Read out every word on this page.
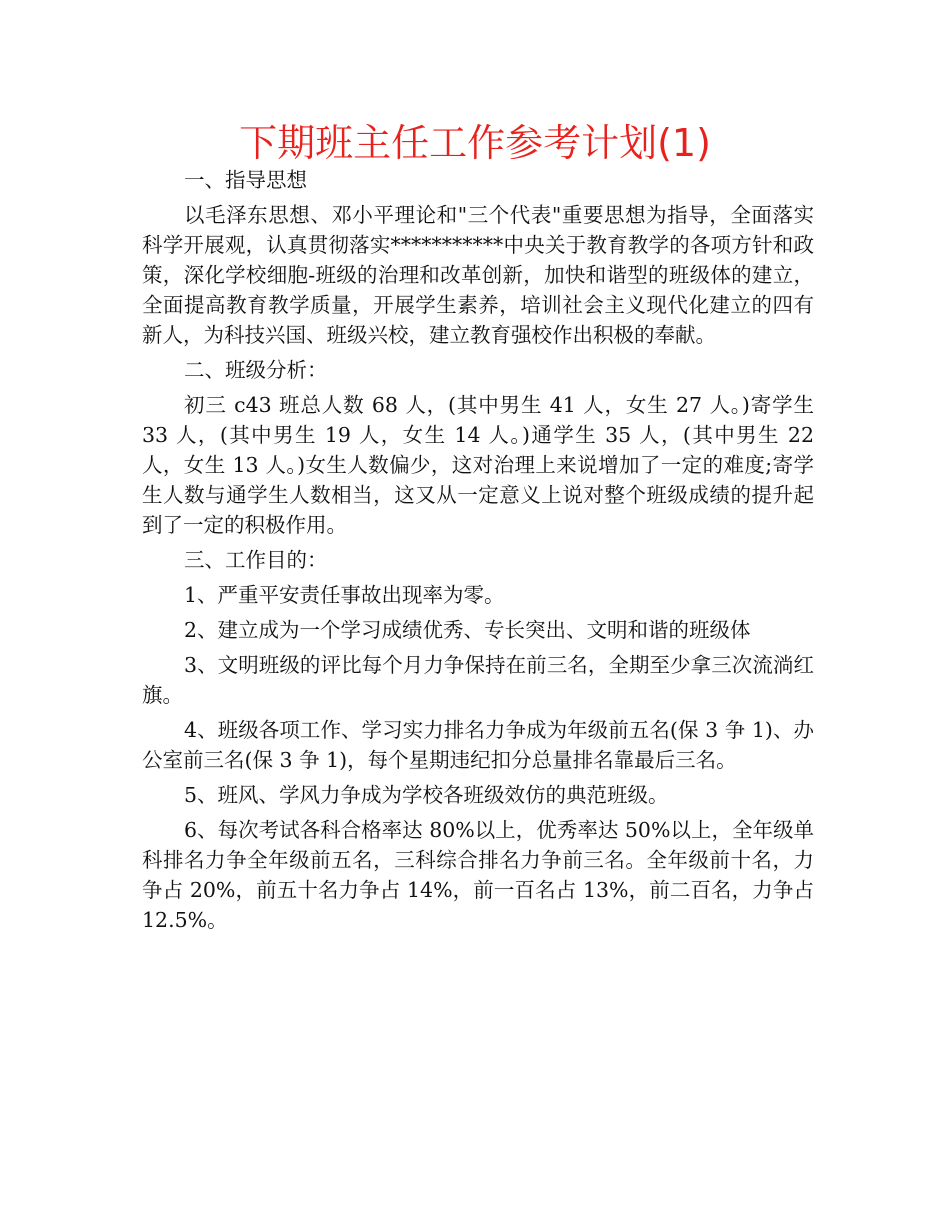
下期班主任工作参考计划(1)

一、指导思想

以毛泽东思想、邓小平理论和"三个代表"重要思想为指导，全面落实科学开展观，认真贯彻落实***********中央关于教育教学的各项方针和政策，深化学校细胞-班级的治理和改革创新，加快和谐型的班级体的建立，全面提高教育教学质量，开展学生素养，培训社会主义现代化建立的四有新人，为科技兴国、班级兴校，建立教育强校作出积极的奉献。

二、班级分析：

初三 c43 班总人数 68 人，(其中男生 41 人，女生 27 人。)寄学生 33 人，(其中男生 19 人，女生 14 人。)通学生 35 人，(其中男生 22 人，女生 13 人。)女生人数偏少，这对治理上来说增加了一定的难度;寄学生人数与通学生人数相当，这又从一定意义上说对整个班级成绩的提升起到了一定的积极作用。

三、工作目的：

1、严重平安责任事故出现率为零。

2、建立成为一个学习成绩优秀、专长突出、文明和谐的班级体

3、文明班级的评比每个月力争保持在前三名，全期至少拿三次流淌红旗。

4、班级各项工作、学习实力排名力争成为年级前五名(保 3 争 1)、办公室前三名(保 3 争 1)，每个星期违纪扣分总量排名靠最后三名。

5、班风、学风力争成为学校各班级效仿的典范班级。

6、每次考试各科合格率达 80%以上，优秀率达 50%以上，全年级单科排名力争全年级前五名，三科综合排名力争前三名。全年级前十名，力争占 20%，前五十名力争占 14%，前一百名占 13%，前二百名，力争占 12.5%。
